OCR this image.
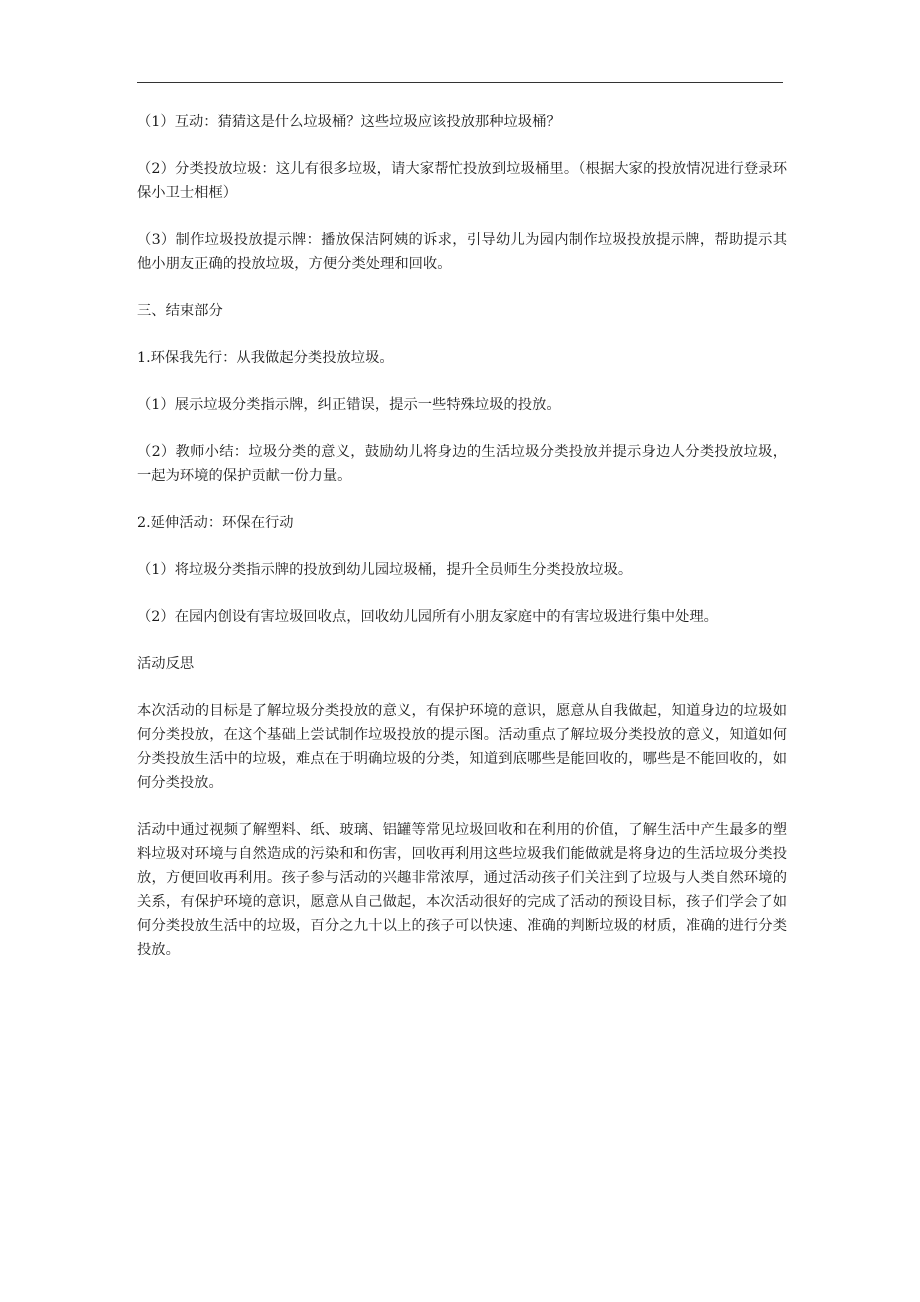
（1）互动：猜猜这是什么垃圾桶？这些垃圾应该投放那种垃圾桶？

（2）分类投放垃圾：这儿有很多垃圾，请大家帮忙投放到垃圾桶里。（根据大家的投放情况进行登录环保小卫士相框）

（3）制作垃圾投放提示牌：播放保洁阿姨的诉求，引导幼儿为园内制作垃圾投放提示牌，帮助提示其他小朋友正确的投放垃圾，方便分类处理和回收。

三、结束部分

1.环保我先行：从我做起分类投放垃圾。

（1）展示垃圾分类指示牌，纠正错误，提示一些特殊垃圾的投放。

（2）教师小结：垃圾分类的意义，鼓励幼儿将身边的生活垃圾分类投放并提示身边人分类投放垃圾，一起为环境的保护贡献一份力量。

2.延伸活动：环保在行动

（1）将垃圾分类指示牌的投放到幼儿园垃圾桶，提升全员师生分类投放垃圾。

（2）在园内创设有害垃圾回收点，回收幼儿园所有小朋友家庭中的有害垃圾进行集中处理。

活动反思

本次活动的目标是了解垃圾分类投放的意义，有保护环境的意识，愿意从自我做起，知道身边的垃圾如何分类投放，在这个基础上尝试制作垃圾投放的提示图。活动重点了解垃圾分类投放的意义，知道如何分类投放生活中的垃圾，难点在于明确垃圾的分类，知道到底哪些是能回收的，哪些是不能回收的，如何分类投放。

活动中通过视频了解塑料、纸、玻璃、铝罐等常见垃圾回收和在利用的价值，了解生活中产生最多的塑料垃圾对环境与自然造成的污染和和伤害，回收再利用这些垃圾我们能做就是将身边的生活垃圾分类投放，方便回收再利用。孩子参与活动的兴趣非常浓厚，通过活动孩子们关注到了垃圾与人类自然环境的关系，有保护环境的意识，愿意从自己做起，本次活动很好的完成了活动的预设目标，孩子们学会了如何分类投放生活中的垃圾，百分之九十以上的孩子可以快速、准确的判断垃圾的材质，准确的进行分类投放。
